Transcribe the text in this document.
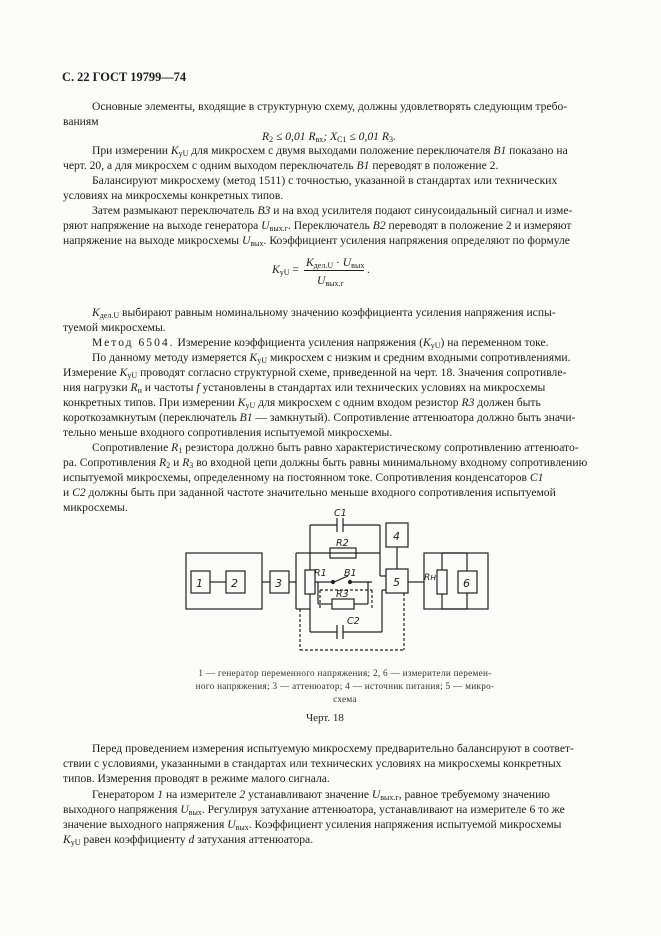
С. 22 ГОСТ 19799—74
Основные элементы, входящие в структурную схему, должны удовлетворять следующим требо-
ваниям
$R_2 \le 0,01$ $R_{вх}$; $X_{C1} \le 0,01$ $R_3$.
При измерении $K_{уU}$ для микросхем с двумя выходами положение переключателя B1 показано на
черт. 20, а для микросхем с одним выходом переключатель B1 переводят в положение 2.
Балансируют микросхему (метод 1511) с точностью, указанной в стандартах или технических
условиях на микросхемы конкретных типов.
Затем размыкают переключатель B3 и на вход усилителя подают синусоидальный сигнал и изме-
ряют напряжение на выходе генератора $U_{вых.г}$. Переключатель B2 переводят в положение 2 и измеряют
напряжение на выходе микросхемы $U_{вых}$. Коэффициент усиления напряжения определяют по формуле
$K_{уU}$ =
$K_{дел.U} \cdot U_{вых}$
$U_{вых.г}$
.
$K_{дел.U}$ выбирают равным номинальному значению коэффициента усиления напряжения испы-
туемой микросхемы.
Метод 6504. Измерение коэффициента усиления напряжения $(K_{уU})$ на переменном токе.
По данному методу измеряется $K_{уU}$ микросхем с низким и средним входными сопротивлениями.
Измерение $K_{уU}$ проводят согласно структурной схеме, приведенной на черт. 18. Значения сопротивле-
ния нагрузки $R_н$ и частоты f установлены в стандартах или технических условиях на микросхемы
конкретных типов. При измерении $K_{уU}$ для микросхем с одним входом резистор R3 должен быть
короткозамкнутым (переключатель B1 — замкнутый). Сопротивление аттенюатора должно быть значи-
тельно меньше входного сопротивления испытуемой микросхемы.
Сопротивление $R_1$ резистора должно быть равно характеристическому сопротивлению аттенюато-
ра. Сопротивления $R_2$ и $R_3$ во входной цепи должны быть равны минимальному входному сопротивлению
испытуемой микросхемы, определенному на постоянном токе. Сопротивления конденсаторов C1
и C2 должны быть при заданной частоте значительно меньше входного сопротивления испытуемой
микросхемы.
1	2	3
4
5	6
C1
R2
R1 B1
R3
C2
Rн
1 — генератор переменного напряжения; 2, 6 — измерители перемен-
ного напряжения; 3 — аттенюатор; 4 — источник питания; 5 — микро-
схема
Черт. 18
Перед проведением измерения испытуемую микросхему предварительно балансируют в соответ-
ствии с условиями, указанными в стандартах или технических условиях на микросхемы конкретных
типов. Измерения проводят в режиме малого сигнала.
Генератором 1 на измерителе 2 устанавливают значение $U_{вых.г}$, равное требуемому значению
выходного напряжения $U_{вых}$. Регулируя затухание аттенюатора, устанавливают на измерителе 6 то же
значение выходного напряжения $U_{вых}$. Коэффициент усиления напряжения испытуемой микросхемы
$K_{уU}$ равен коэффициенту d затухания аттенюатора.
